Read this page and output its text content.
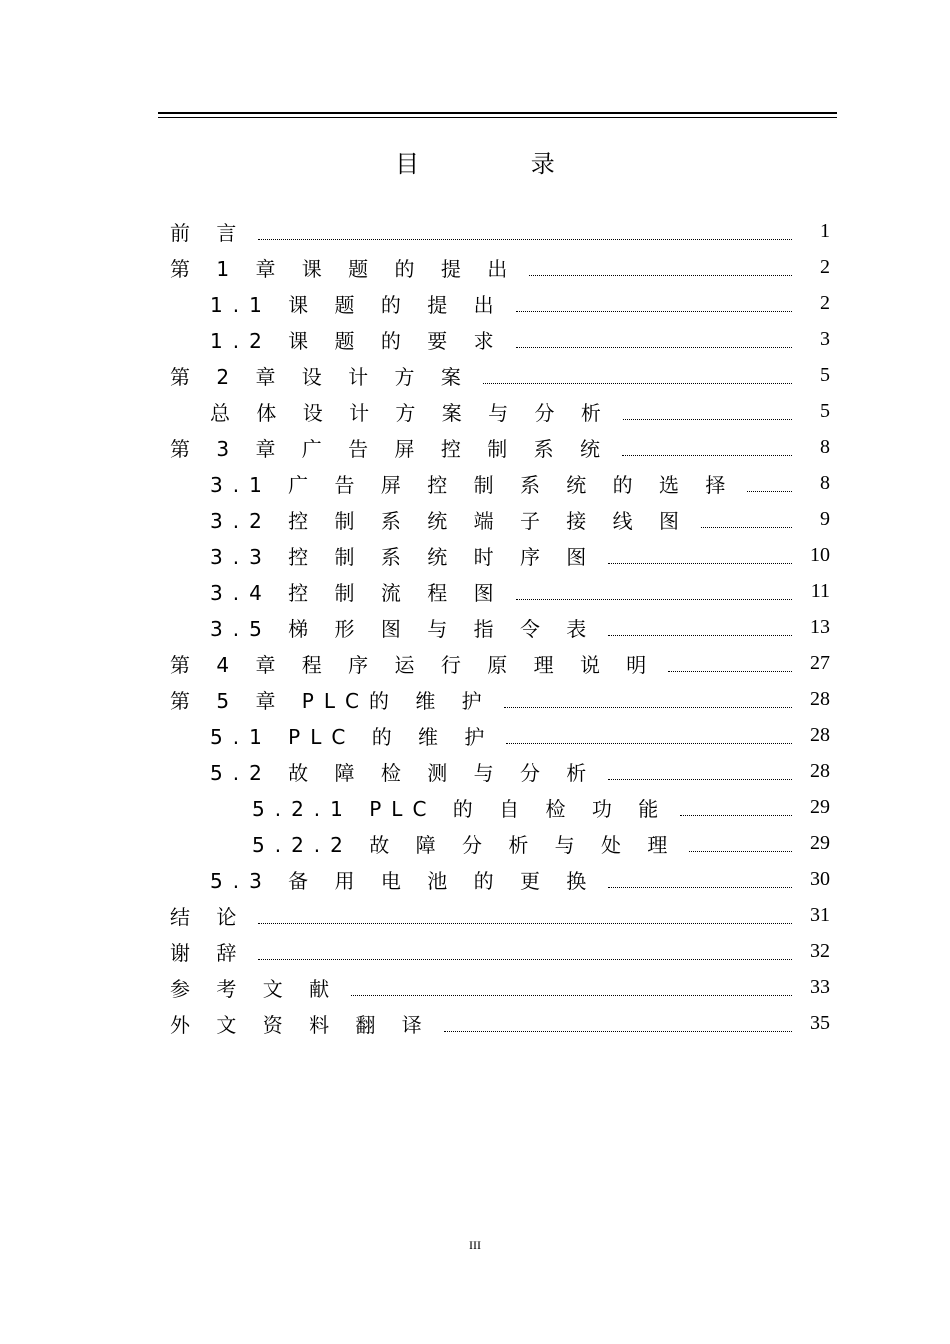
目 录
前 言	1
第 1 章 课 题 的 提 出	2
1.1 课 题 的 提 出	2
1.2 课 题 的 要 求	3
第 2 章 设 计 方 案	5
总 体 设 计 方 案 与 分 析	5
第 3 章 广 告 屏 控 制 系 统	8
3.1 广 告 屏 控 制 系 统 的 选 择	8
3.2 控 制 系 统 端 子 接 线 图	9
3.3 控 制 系 统 时 序 图	10
3.4 控 制 流 程 图	11
3.5 梯 形 图 与 指 令 表	13
第 4 章 程 序 运 行 原 理 说 明	27
第 5 章 PLC的 维 护	28
5.1 PLC 的 维 护	28
5.2 故 障 检 测 与 分 析	28
5.2.1 PLC 的 自 检 功 能	29
5.2.2 故 障 分 析 与 处 理	29
5.3 备 用 电 池 的 更 换	30
结 论	31
谢 辞	32
参 考 文 献	33
外 文 资 料 翻 译	35
III
